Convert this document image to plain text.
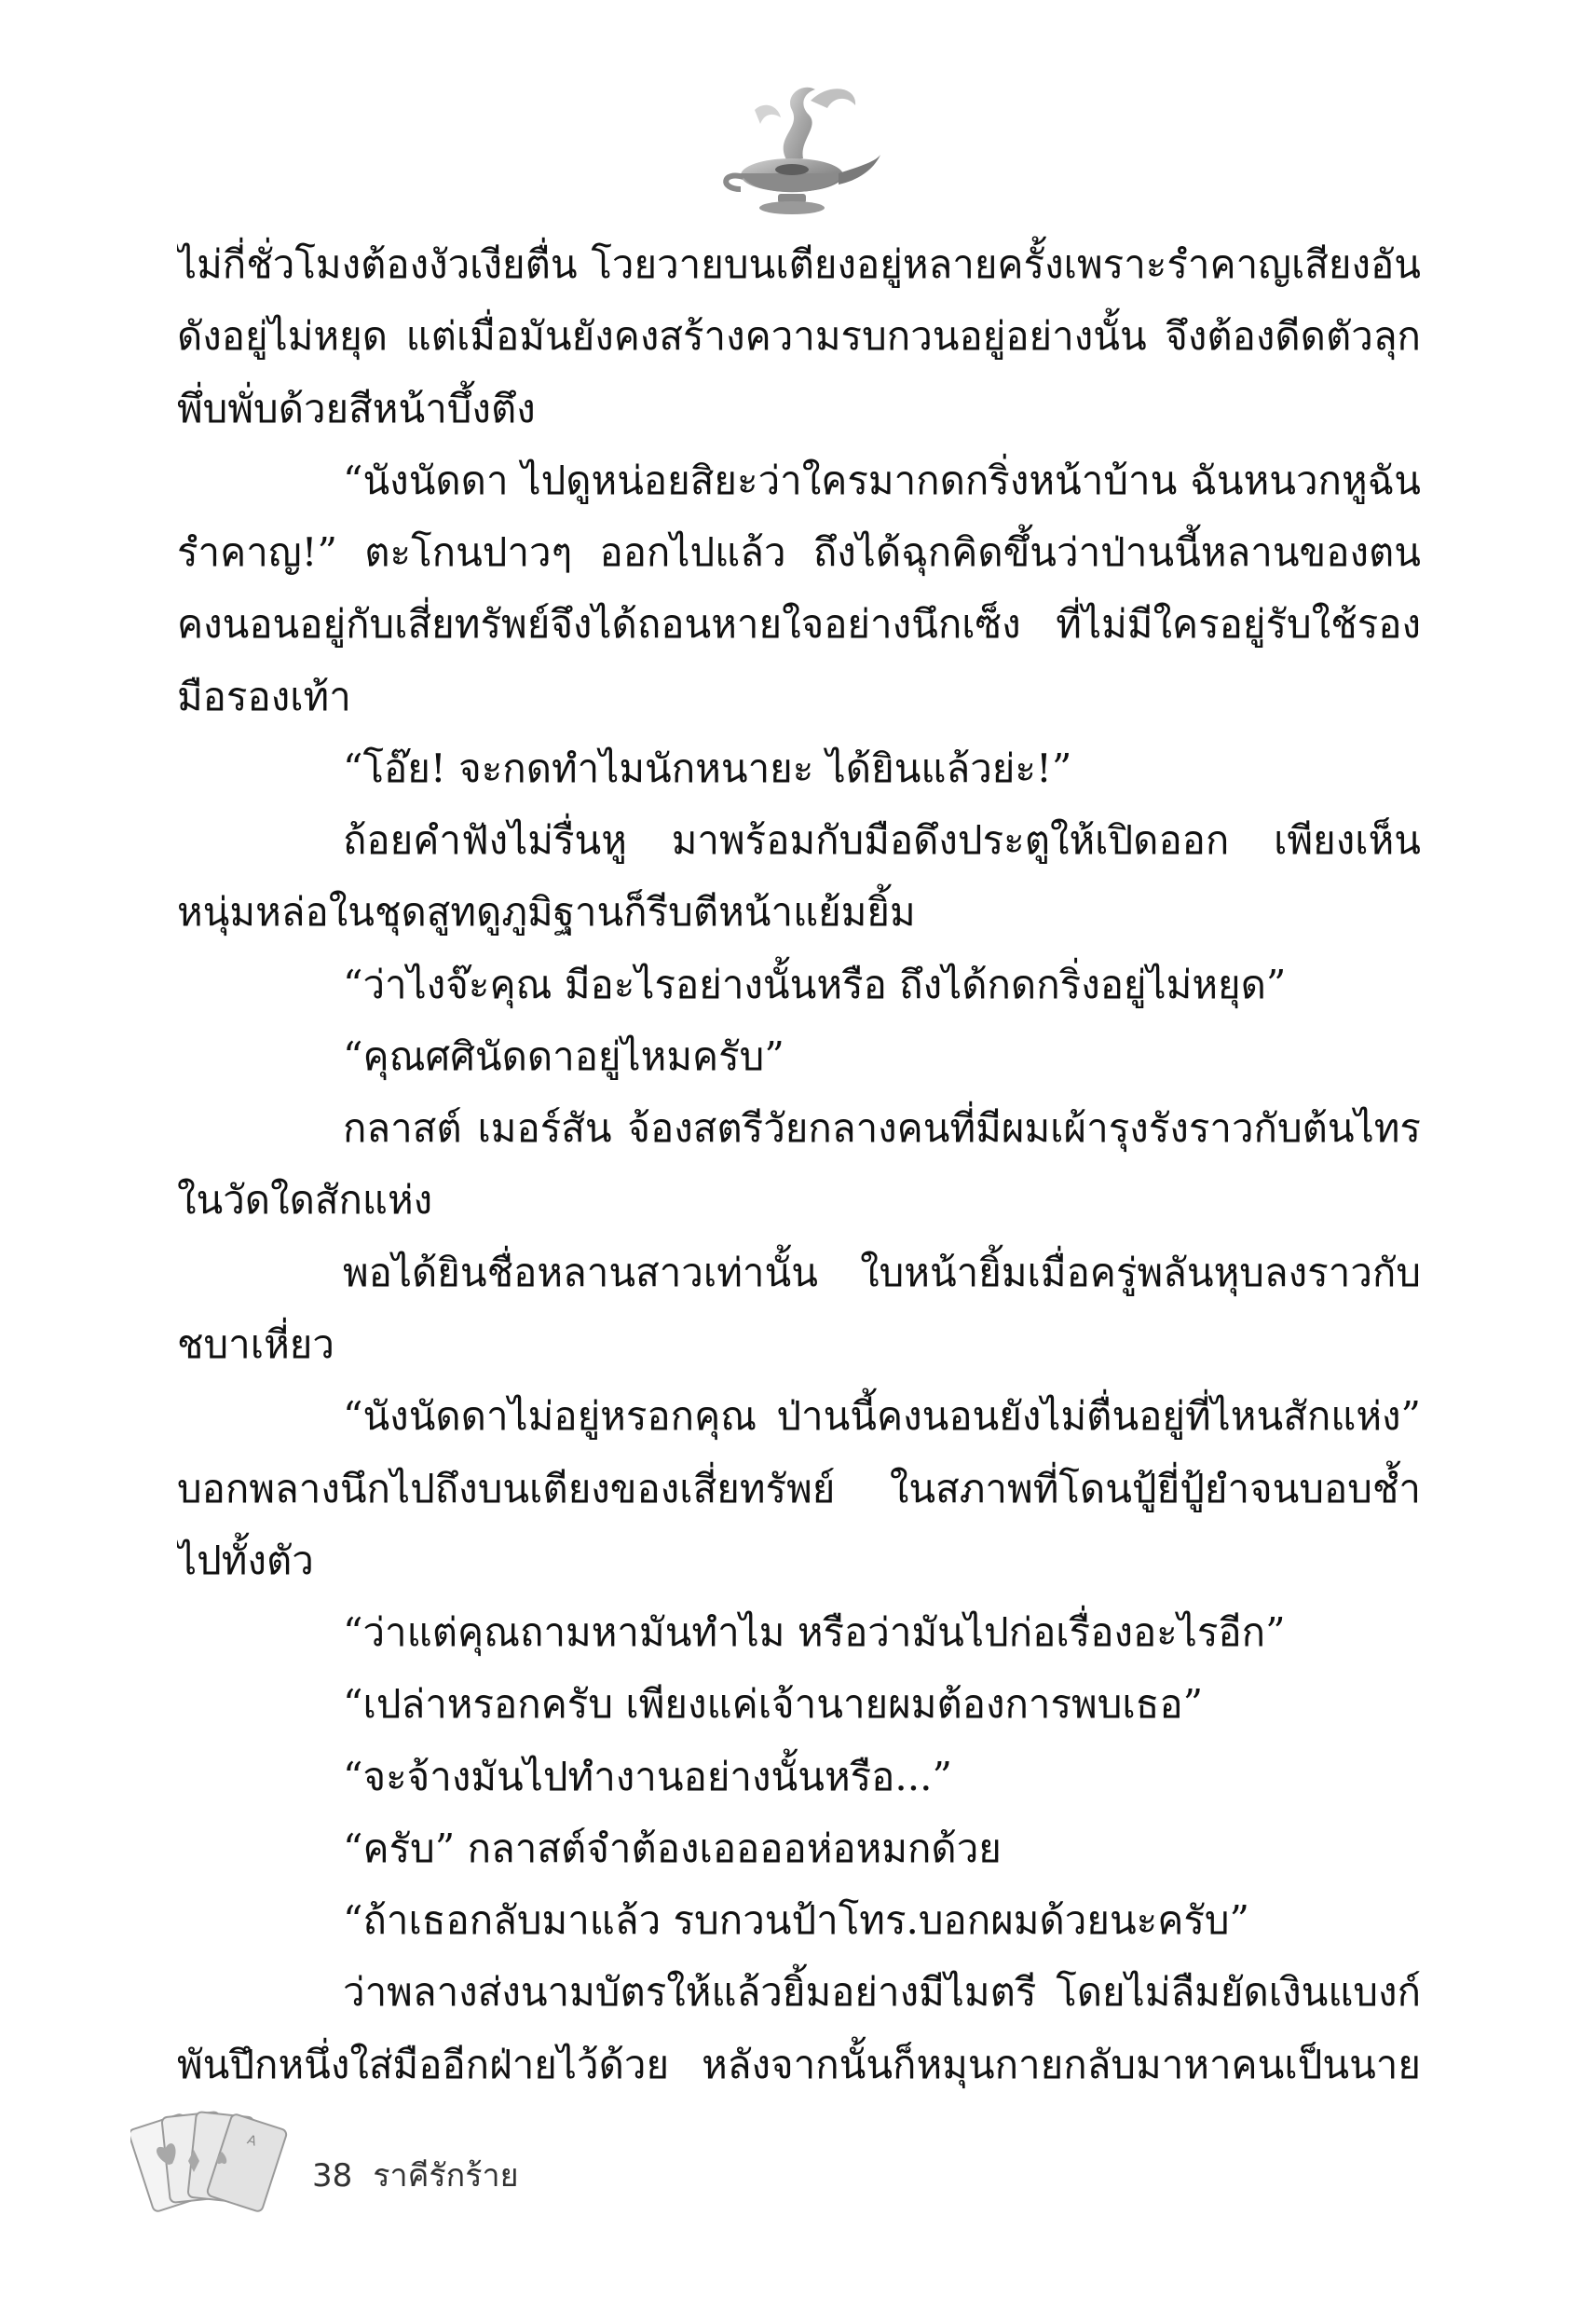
ไม่กี่ชั่วโมงต้องงัวเงียตื่น โวยวายบนเตียงอยู่หลายครั้งเพราะรำคาญเสียงอันดังอยู่ไม่หยุด แต่เมื่อมันยังคงสร้างความรบกวนอยู่อย่างนั้น จึงต้องดีดตัวลุกพึ่บพั่บด้วยสีหน้าบึ้งตึง

“นังนัดดา ไปดูหน่อยสิยะว่าใครมากดกริ่งหน้าบ้าน ฉันหนวกหูฉันรำคาญ!” ตะโกนปาวๆ ออกไปแล้ว ถึงได้ฉุกคิดขึ้นว่าป่านนี้หลานของตนคงนอนอยู่กับเสี่ยทรัพย์จึงได้ถอนหายใจอย่างนึกเซ็ง ที่ไม่มีใครอยู่รับใช้รองมือรองเท้า

“โอ๊ย! จะกดทำไมนักหนายะ ได้ยินแล้วย่ะ!”

ถ้อยคำฟังไม่รื่นหู มาพร้อมกับมือดึงประตูให้เปิดออก เพียงเห็นหนุ่มหล่อในชุดสูทดูภูมิฐานก็รีบตีหน้าแย้มยิ้ม

“ว่าไงจ๊ะคุณ มีอะไรอย่างนั้นหรือ ถึงได้กดกริ่งอยู่ไม่หยุด”

“คุณศศินัดดาอยู่ไหมครับ”

กลาสต์ เมอร์สัน จ้องสตรีวัยกลางคนที่มีผมเผ้ารุงรังราวกับต้นไทรในวัดใดสักแห่ง

พอได้ยินชื่อหลานสาวเท่านั้น ใบหน้ายิ้มเมื่อครู่พลันหุบลงราวกับชบาเหี่ยว

“นังนัดดาไม่อยู่หรอกคุณ ป่านนี้คงนอนยังไม่ตื่นอยู่ที่ไหนสักแห่ง” บอกพลางนึกไปถึงบนเตียงของเสี่ยทรัพย์ ในสภาพที่โดนปู้ยี่ปู้ยำจนบอบช้ำไปทั้งตัว

“ว่าแต่คุณถามหามันทำไม หรือว่ามันไปก่อเรื่องอะไรอีก”

“เปล่าหรอกครับ เพียงแค่เจ้านายผมต้องการพบเธอ”

“จะจ้างมันไปทำงานอย่างนั้นหรือ...”

“ครับ” กลาสต์จำต้องเออออห่อหมกด้วย

“ถ้าเธอกลับมาแล้ว รบกวนป้าโทร.บอกผมด้วยนะครับ”

ว่าพลางส่งนามบัตรให้แล้วยิ้มอย่างมีไมตรี โดยไม่ลืมยัดเงินแบงก์พันปึกหนึ่งใส่มืออีกฝ่ายไว้ด้วย หลังจากนั้นก็หมุนกายกลับมาหาคนเป็นนาย

A
38 ราคีรักร้าย
